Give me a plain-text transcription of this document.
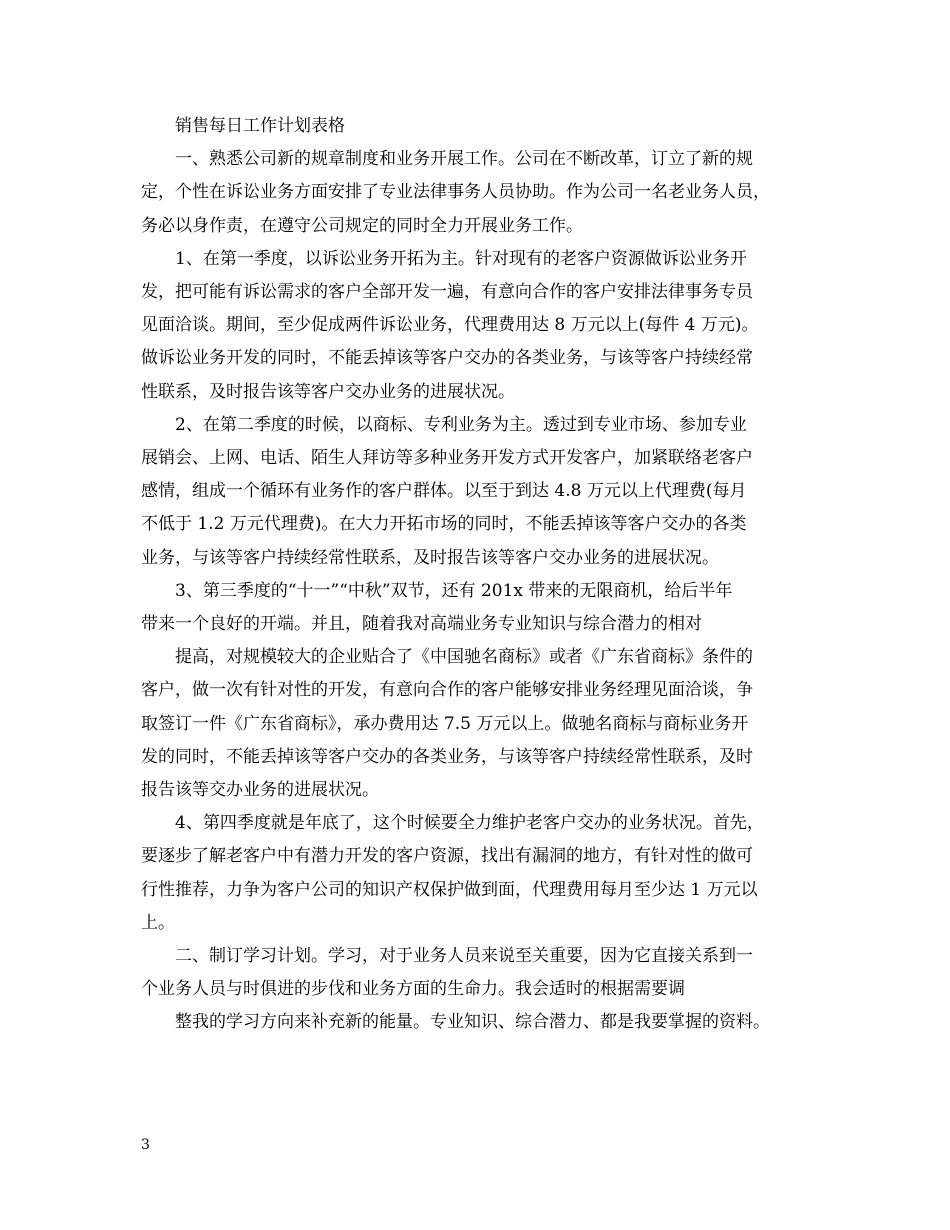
销售每日工作计划表格
一、熟悉公司新的规章制度和业务开展工作。公司在不断改革，订立了新的规
定，个性在诉讼业务方面安排了专业法律事务人员协助。作为公司一名老业务人员，
务必以身作责，在遵守公司规定的同时全力开展业务工作。
1、在第一季度，以诉讼业务开拓为主。针对现有的老客户资源做诉讼业务开
发，把可能有诉讼需求的客户全部开发一遍，有意向合作的客户安排法律事务专员
见面洽谈。期间，至少促成两件诉讼业务，代理费用达 8 万元以上(每件 4 万元)。
做诉讼业务开发的同时，不能丢掉该等客户交办的各类业务，与该等客户持续经常
性联系，及时报告该等客户交办业务的进展状况。
2、在第二季度的时候，以商标、专利业务为主。透过到专业市场、参加专业
展销会、上网、电话、陌生人拜访等多种业务开发方式开发客户，加紧联络老客户
感情，组成一个循环有业务作的客户群体。以至于到达 4.8 万元以上代理费(每月
不低于 1.2 万元代理费)。在大力开拓市场的同时，不能丢掉该等客户交办的各类
业务，与该等客户持续经常性联系，及时报告该等客户交办业务的进展状况。
3、第三季度的“十一”“中秋”双节，还有 201x 带来的无限商机，给后半年
带来一个良好的开端。并且，随着我对高端业务专业知识与综合潜力的相对
提高，对规模较大的企业贴合了《中国驰名商标》或者《广东省商标》条件的
客户，做一次有针对性的开发，有意向合作的客户能够安排业务经理见面洽谈，争
取签订一件《广东省商标》，承办费用达 7.5 万元以上。做驰名商标与商标业务开
发的同时，不能丢掉该等客户交办的各类业务，与该等客户持续经常性联系，及时
报告该等交办业务的进展状况。
4、第四季度就是年底了，这个时候要全力维护老客户交办的业务状况。首先，
要逐步了解老客户中有潜力开发的客户资源，找出有漏洞的地方，有针对性的做可
行性推荐，力争为客户公司的知识产权保护做到面，代理费用每月至少达 1 万元以
上。
二、制订学习计划。学习，对于业务人员来说至关重要，因为它直接关系到一
个业务人员与时俱进的步伐和业务方面的生命力。我会适时的根据需要调
整我的学习方向来补充新的能量。专业知识、综合潜力、都是我要掌握的资料。
3
